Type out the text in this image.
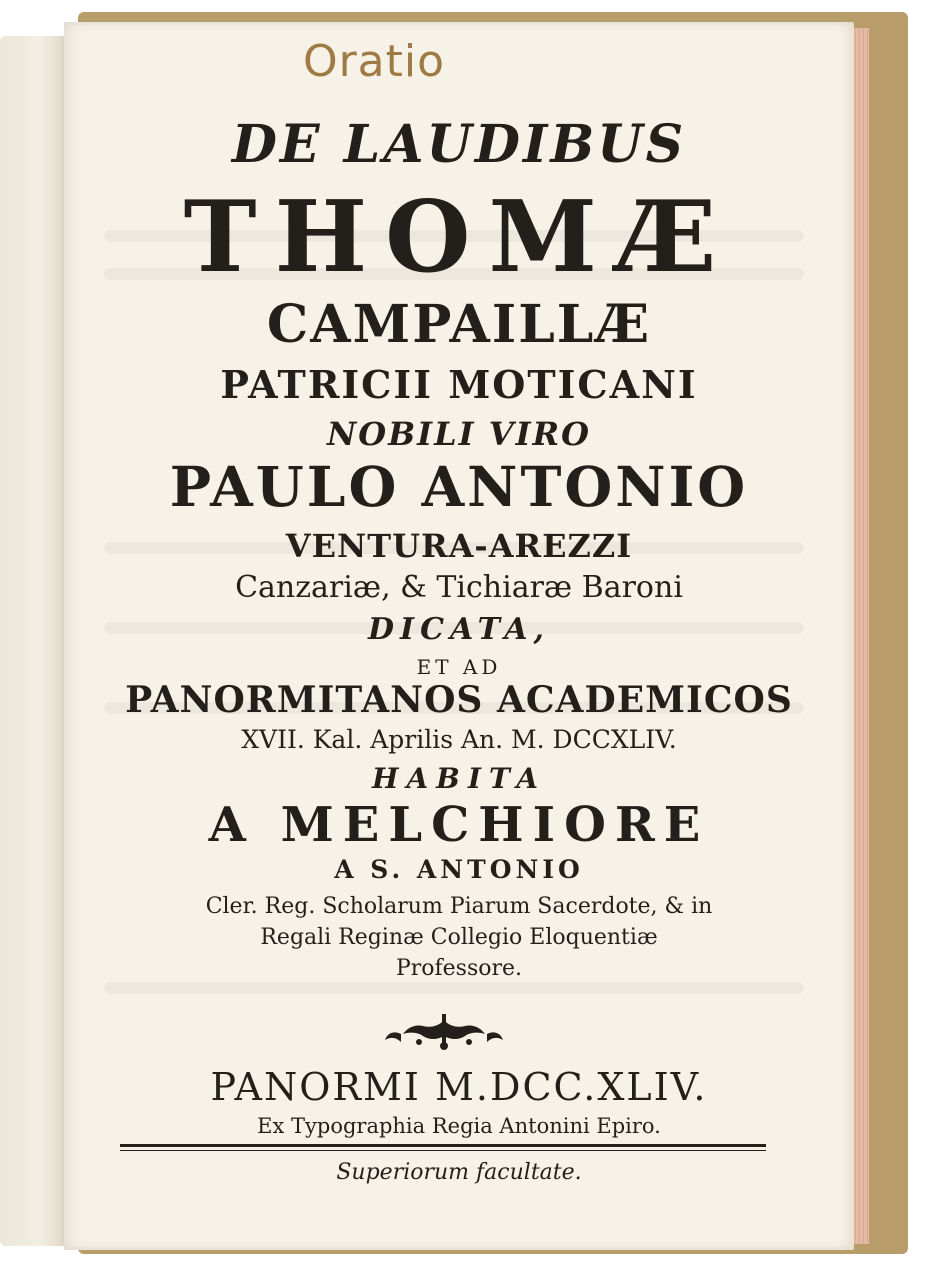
Oratio

DE LAUDIBUS

THOMÆ

CAMPAILLÆ

PATRICII MOTICANI

NOBILI VIRO

PAULO ANTONIO

VENTURA-AREZZI

Canzariæ, & Tichiaræ Baroni

DICATA,

ET AD

PANORMITANOS ACADEMICOS

XVII. Kal. Aprilis An. M. DCCXLIV.

HABITA

A MELCHIORE

A S. ANTONIO

Cler. Reg. Scholarum Piarum Sacerdote, & in

Regali Reginæ Collegio Eloquentiæ

Professore.

PANORMI M.DCC.XLIV.

Ex Typographia Regia Antonini Epiro.

Superiorum facultate.
